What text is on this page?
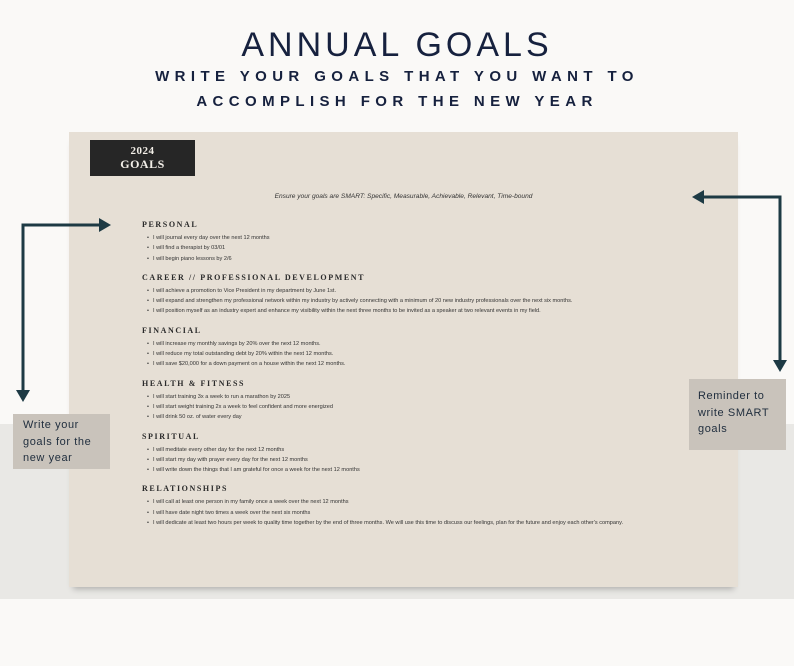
ANNUAL GOALS
WRITE YOUR GOALS THAT YOU WANT TO
ACCOMPLISH FOR THE NEW YEAR
2024
GOALS
Ensure your goals are SMART: Specific, Measurable, Achievable, Relevant, Time-bound
PERSONAL
• I will journal every day over the next 12 months
• I will find a therapist by 03/01
• I will begin piano lessons by 2/6
CAREER // PROFESSIONAL DEVELOPMENT
• I will achieve a promotion to Vice President in my department by June 1st.
• I will expand and strengthen my professional network within my industry by actively connecting with a minimum of 20 new industry professionals over the next six months.
• I will position myself as an industry expert and enhance my visibility within the next three months to be invited as a speaker at two relevant events in my field.
FINANCIAL
• I will increase my monthly savings by 20% over the next 12 months.
• I will reduce my total outstanding debt by 20% within the next 12 months.
• I will save $20,000 for a down payment on a house within the next 12 months.
HEALTH & FITNESS
• I will start training 3x a week to run a marathon by 2025
• I will start weight training 2x a week to feel confident and more energized
• I will drink 50 oz. of water every day
SPIRITUAL
• I will meditate every other day for the next 12 months
• I will start my day with prayer every day for the next 12 months
• I will write down the things that I am grateful for once a week for the next 12 months
RELATIONSHIPS
• I will call at least one person in my family once a week over the next 12 months
• I will have date night two times a week over the next six months
• I will dedicate at least two hours per week to quality time together by the end of three months. We will use this time to discuss our feelings, plan for the future and enjoy each other's company.
Write your
goals for the
new year
Reminder to
write SMART
goals
